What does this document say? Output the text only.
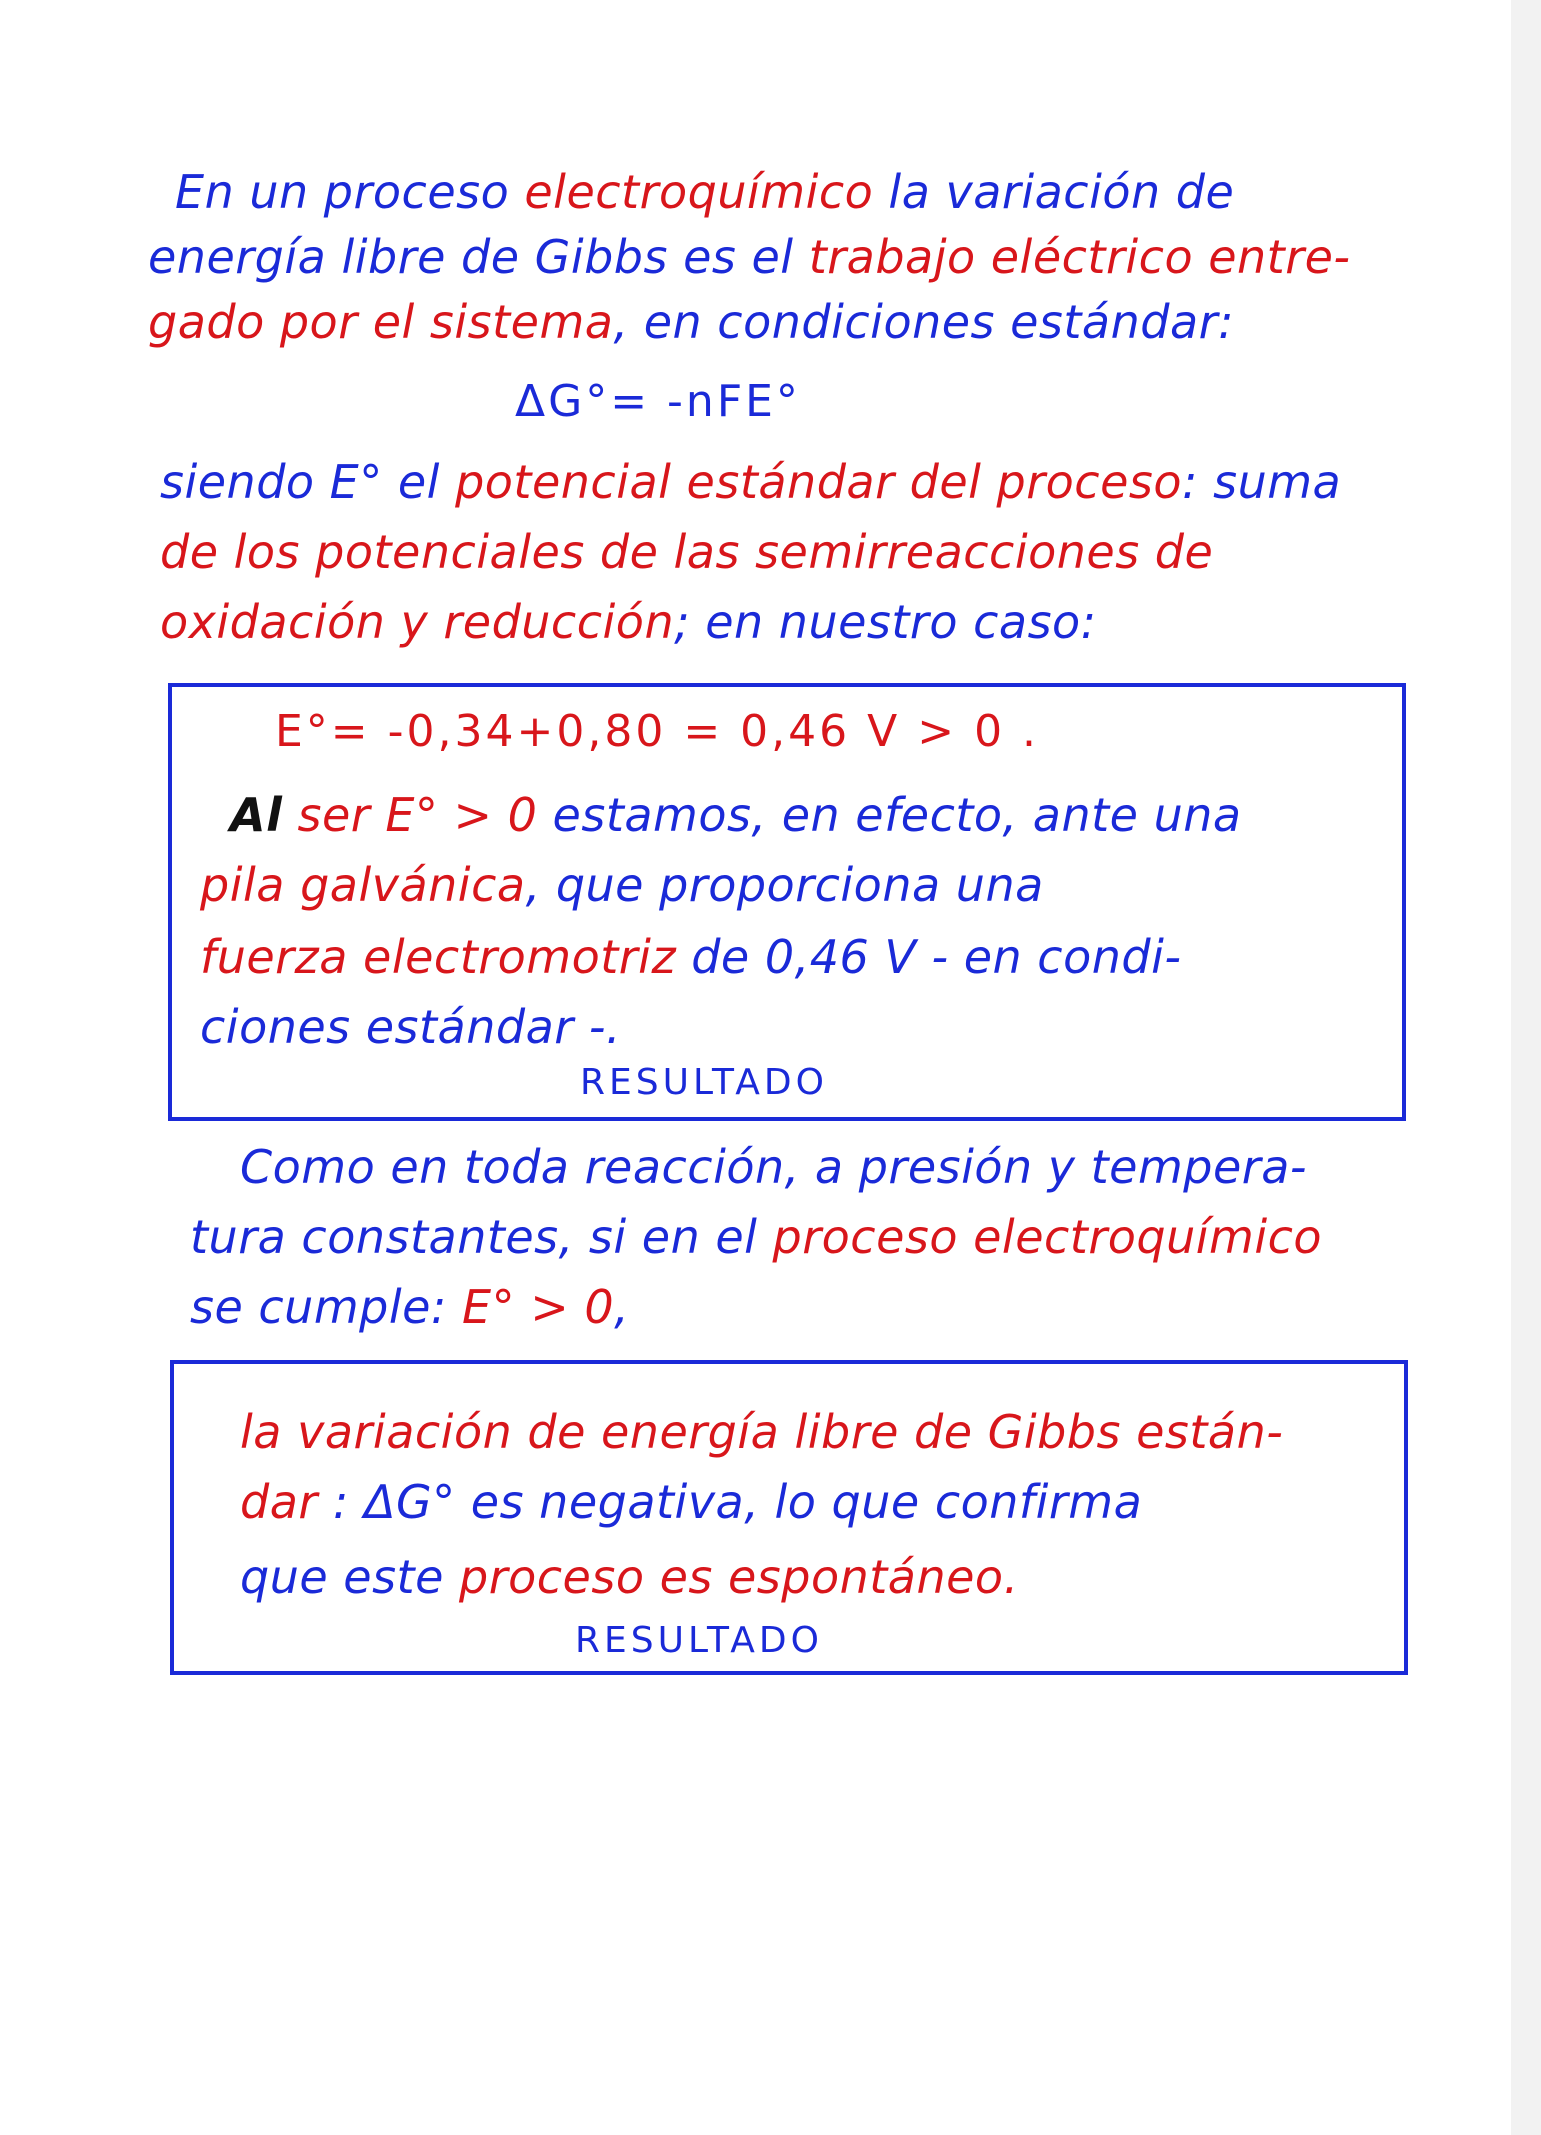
En un proceso electroquímico la variación de
energía libre de Gibbs es el trabajo eléctrico entre-
gado por el sistema, en condiciones estándar:
ΔG°= -nFE°
siendo E° el potencial estándar del proceso: suma
de los potenciales de las semirreacciones de
oxidación y reducción; en nuestro caso:
E°= -0,34+0,80 = 0,46 V > 0 .
Al ser E° > 0 estamos, en efecto, ante una
pila galvánica, que proporciona una
fuerza electromotriz de 0,46 V - en condi-
ciones estándar -.
RESULTADO
Como en toda reacción, a presión y tempera-
tura constantes, si en el proceso electroquímico
se cumple: E° > 0,
la variación de energía libre de Gibbs están-
dar : ΔG° es negativa, lo que confirma
que este proceso es espontáneo.
RESULTADO
